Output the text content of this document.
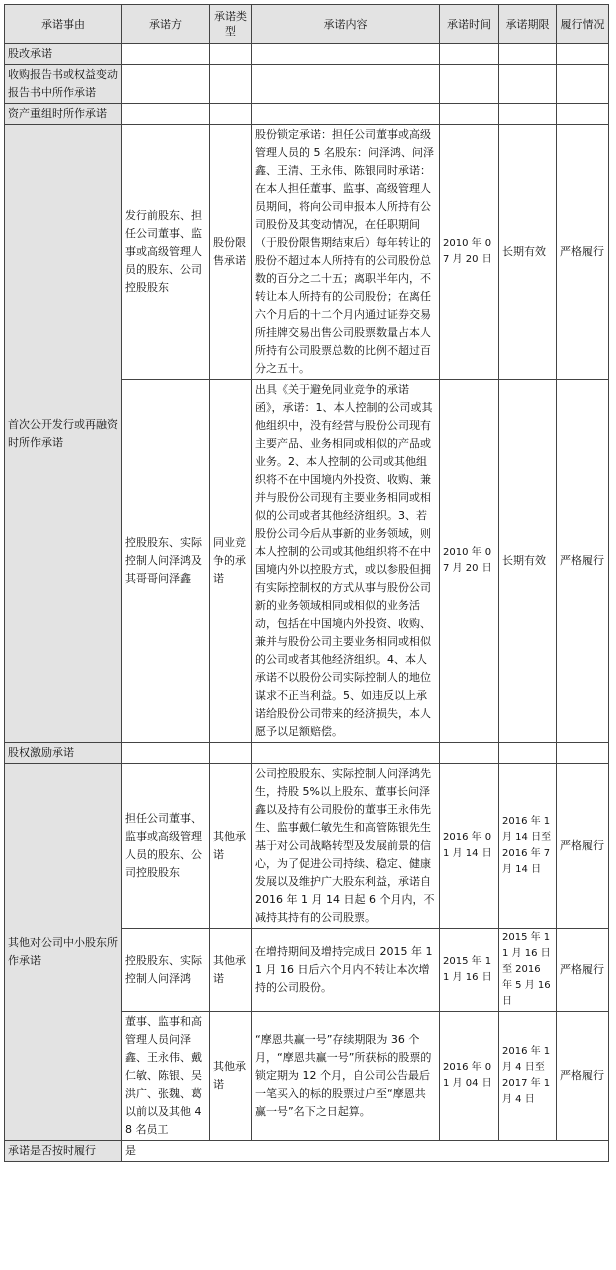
承诺事由	承诺方	承诺类型	承诺内容	承诺时间	承诺期限	履行情况
股改承诺						
收购报告书或权益变动报告书中所作承诺						
资产重组时所作承诺						
首次公开发行或再融资时所作承诺	发行前股东、担任公司董事、监事或高级管理人员的股东、公司控股股东	股份限售承诺	股份锁定承诺：担任公司董事或高级管理人员的 5 名股东：问泽鸿、问泽鑫、王清、王永伟、陈银同时承诺：在本人担任董事、监事、高级管理人员期间，将向公司申报本人所持有公司股份及其变动情况，在任职期间（于股份限售期结束后）每年转让的股份不超过本人所持有的公司股份总数的百分之二十五；离职半年内，不转让本人所持有的公司股份；在离任六个月后的十二个月内通过证券交易所挂牌交易出售公司股票数量占本人所持有公司股票总数的比例不超过百分之五十。	2010 年 07 月 20 日	长期有效	严格履行
	控股股东、实际控制人问泽鸿及其哥哥问泽鑫	同业竞争的承诺	出具《关于避免同业竞争的承诺函》，承诺：1、本人控制的公司或其他组织中，没有经营与股份公司现有主要产品、业务相同或相似的产品或业务。2、本人控制的公司或其他组织将不在中国境内外投资、收购、兼并与股份公司现有主要业务相同或相似的公司或者其他经济组织。3、若股份公司今后从事新的业务领域，则本人控制的公司或其他组织将不在中国境内外以控股方式，或以参股但拥有实际控制权的方式从事与股份公司新的业务领域相同或相似的业务活动，包括在中国境内外投资、收购、兼并与股份公司主要业务相同或相似的公司或者其他经济组织。4、本人承诺不以股份公司实际控制人的地位谋求不正当利益。5、如违反以上承诺给股份公司带来的经济损失，本人愿予以足额赔偿。	2010 年 07 月 20 日	长期有效	严格履行
股权激励承诺						
其他对公司中小股东所作承诺	担任公司董事、监事或高级管理人员的股东、公司控股股东	其他承诺	公司控股股东、实际控制人问泽鸿先生，持股 5%以上股东、董事长问泽鑫以及持有公司股份的董事王永伟先生、监事戴仁敏先生和高管陈银先生基于对公司战略转型及发展前景的信心，为了促进公司持续、稳定、健康发展以及维护广大股东利益，承诺自 2016 年 1 月 14 日起 6 个月内，不减持其持有的公司股票。	2016 年 01 月 14 日	2016 年 1 月 14 日至 2016 年 7 月 14 日	严格履行
	控股股东、实际控制人问泽鸿	其他承诺	在增持期间及增持完成日 2015 年 11 月 16 日后六个月内不转让本次增持的公司股份。	2015 年 11 月 16 日	2015 年 11 月 16 日至 2016 年 5 月 16 日	严格履行
	董事、监事和高管理人员问泽鑫、王永伟、戴仁敏、陈银、吴洪广、张魏、葛以前以及其他 48 名员工	其他承诺	“摩恩共赢一号”存续期限为 36 个月，“摩恩共赢一号”所获标的股票的锁定期为 12 个月，自公司公告最后一笔买入的标的股票过户至“摩恩共赢一号”名下之日起算。	2016 年 01 月 04 日	2016 年 1 月 4 日至 2017 年 1 月 4 日	严格履行
承诺是否按时履行	是					
